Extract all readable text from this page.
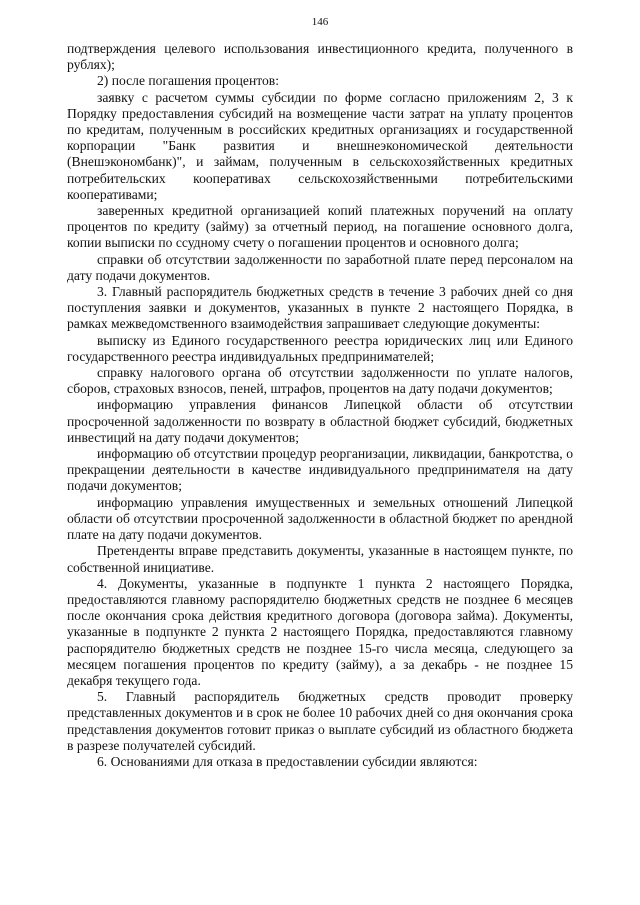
146

подтверждения целевого использования инвестиционного кредита, полученного в рублях);

2) после погашения процентов:

заявку с расчетом суммы субсидии по форме согласно приложениям 2, 3 к Порядку предоставления субсидий на возмещение части затрат на уплату процентов по кредитам, полученным в российских кредитных организациях и государственной корпорации "Банк развития и внешнеэкономической деятельности (Внешэкономбанк)", и займам, полученным в сельскохозяйственных кредитных потребительских кооперативах сельскохозяйственными потребительскими кооперативами;

заверенных кредитной организацией копий платежных поручений на оплату процентов по кредиту (займу) за отчетный период, на погашение основного долга, копии выписки по ссудному счету о погашении процентов и основного долга;

справки об отсутствии задолженности по заработной плате перед персоналом на дату подачи документов.

3. Главный распорядитель бюджетных средств в течение 3 рабочих дней со дня поступления заявки и документов, указанных в пункте 2 настоящего Порядка, в рамках межведомственного взаимодействия запрашивает следующие документы:

выписку из Единого государственного реестра юридических лиц или Единого государственного реестра индивидуальных предпринимателей;

справку налогового органа об отсутствии задолженности по уплате налогов, сборов, страховых взносов, пеней, штрафов, процентов на дату подачи документов;

информацию управления финансов Липецкой области об отсутствии просроченной задолженности по возврату в областной бюджет субсидий, бюджетных инвестиций на дату подачи документов;

информацию об отсутствии процедур реорганизации, ликвидации, банкротства, о прекращении деятельности в качестве индивидуального предпринимателя на дату подачи документов;

информацию управления имущественных и земельных отношений Липецкой области об отсутствии просроченной задолженности в областной бюджет по арендной плате на дату подачи документов.

Претенденты вправе представить документы, указанные в настоящем пункте, по собственной инициативе.

4. Документы, указанные в подпункте 1 пункта 2 настоящего Порядка, предоставляются главному распорядителю бюджетных средств не позднее 6 месяцев после окончания срока действия кредитного договора (договора займа). Документы, указанные в подпункте 2 пункта 2 настоящего Порядка, предоставляются главному распорядителю бюджетных средств не позднее 15-го числа месяца, следующего за месяцем погашения процентов по кредиту (займу), а за декабрь - не позднее 15 декабря текущего года.

5. Главный распорядитель бюджетных средств проводит проверку представленных документов и в срок не более 10 рабочих дней со дня окончания срока представления документов готовит приказ о выплате субсидий из областного бюджета в разрезе получателей субсидий.

6. Основаниями для отказа в предоставлении субсидии являются:
